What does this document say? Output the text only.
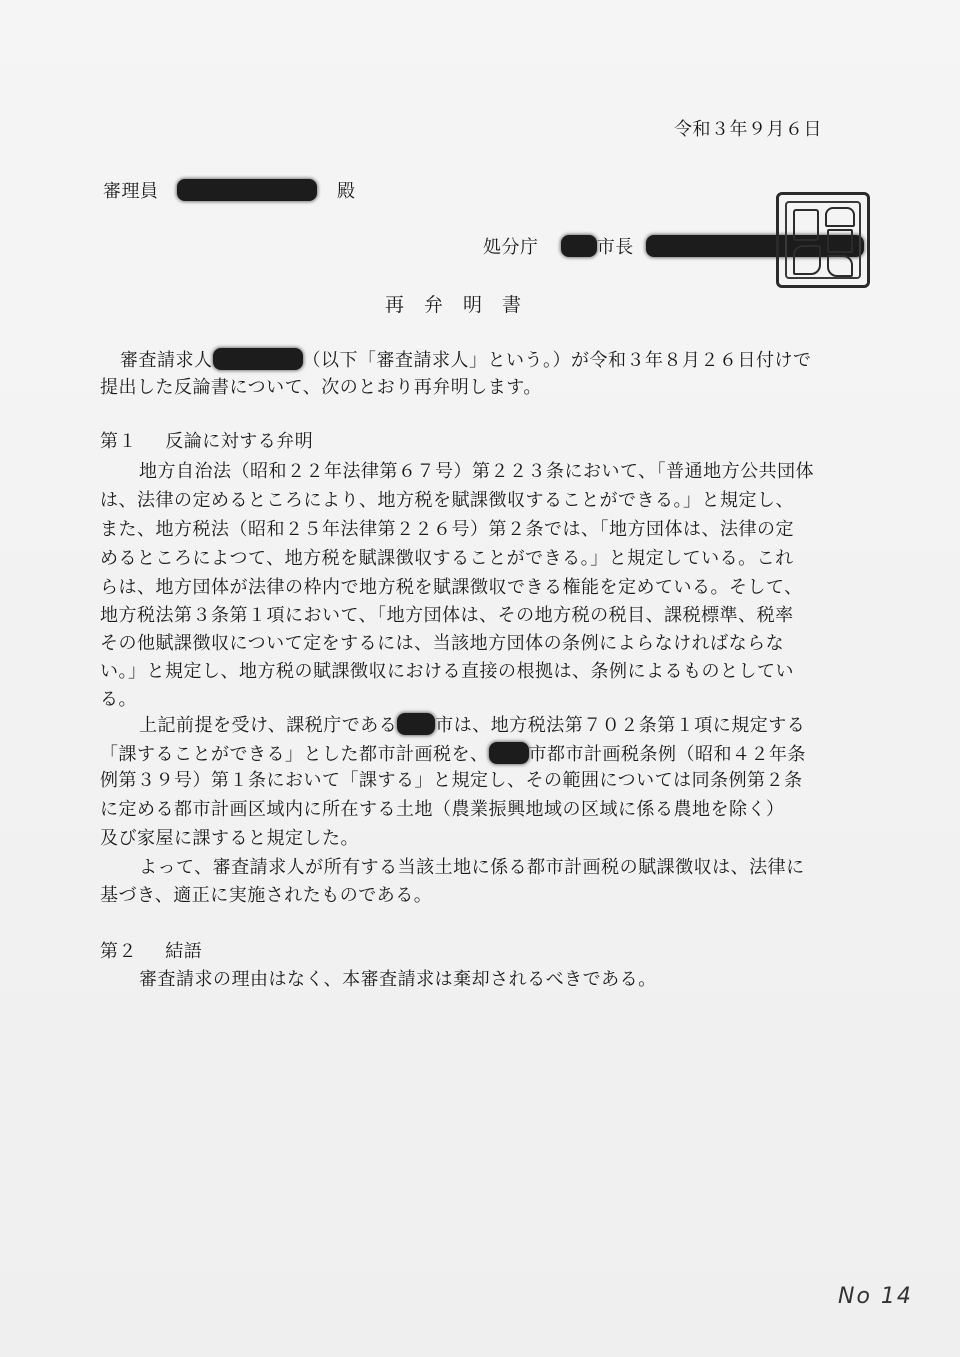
令和３年９月６日
審理員	殿
処分庁	市長
再弁明書
審査請求人	（以下「審査請求人」という。）が令和３年８月２６日付けで
提出した反論書について、次のとおり再弁明します。
第１ 反論に対する弁明
地方自治法（昭和２２年法律第６７号）第２２３条において、「普通地方公共団体
は、法律の定めるところにより、地方税を賦課徴収することができる。」と規定し、
また、地方税法（昭和２５年法律第２２６号）第２条では、「地方団体は、法律の定
めるところによつて、地方税を賦課徴収することができる。」と規定している。これ
らは、地方団体が法律の枠内で地方税を賦課徴収できる権能を定めている。そして、
地方税法第３条第１項において、「地方団体は、その地方税の税目、課税標準、税率
その他賦課徴収について定をするには、当該地方団体の条例によらなければならな
い。」と規定し、地方税の賦課徴収における直接の根拠は、条例によるものとしてい
る。
上記前提を受け、課税庁である 市は、地方税法第７０２条第１項に規定する
「課することができる」とした都市計画税を、 市都市計画税条例（昭和４２年条
例第３９号）第１条において「課する」と規定し、その範囲については同条例第２条
に定める都市計画区域内に所在する土地（農業振興地域の区域に係る農地を除く）
及び家屋に課すると規定した。
よって、審査請求人が所有する当該土地に係る都市計画税の賦課徴収は、法律に
基づき、適正に実施されたものである。
第２ 結語
審査請求の理由はなく、本審査請求は棄却されるべきである。
No 14
